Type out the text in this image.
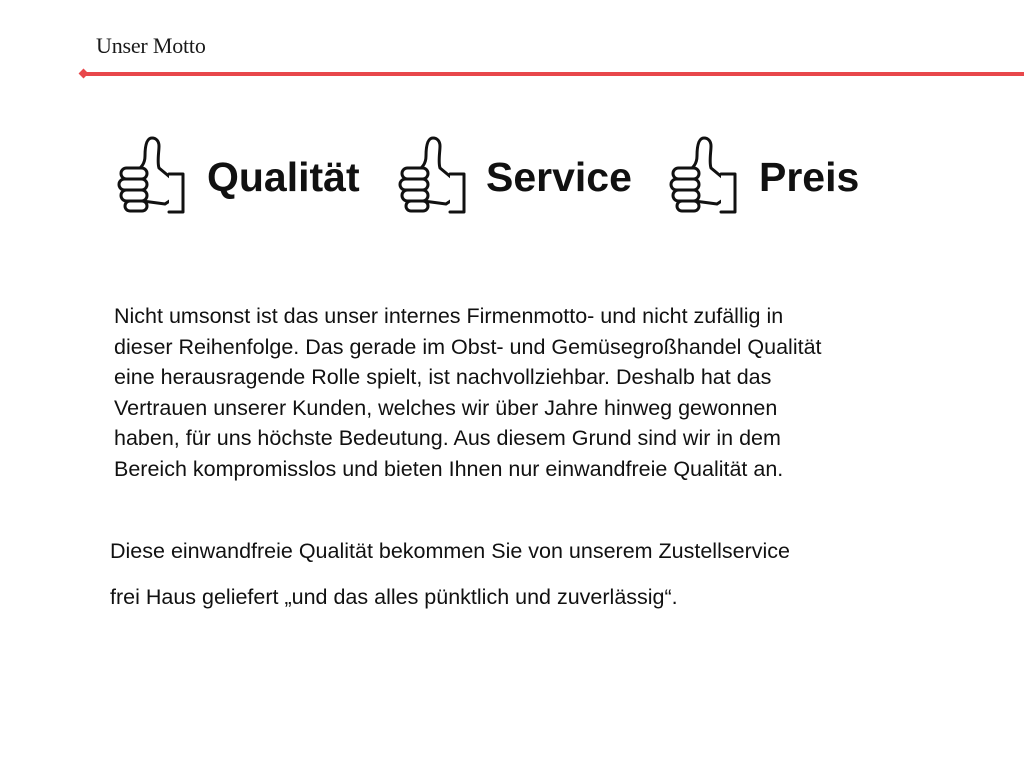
Unser Motto
Qualität	Service	Preis

Nicht umsonst ist das unser internes Firmenmotto- und nicht zufällig in

dieser Reihenfolge. Das gerade im Obst- und Gemüsegroßhandel Qualität

eine herausragende Rolle spielt, ist nachvollziehbar. Deshalb hat das

Vertrauen unserer Kunden, welches wir über Jahre hinweg gewonnen

haben, für uns höchste Bedeutung. Aus diesem Grund sind wir in dem

Bereich kompromisslos und bieten Ihnen nur einwandfreie Qualität an.

Diese einwandfreie Qualität bekommen Sie von unserem Zustellservice

frei Haus geliefert „und das alles pünktlich und zuverlässig“.
